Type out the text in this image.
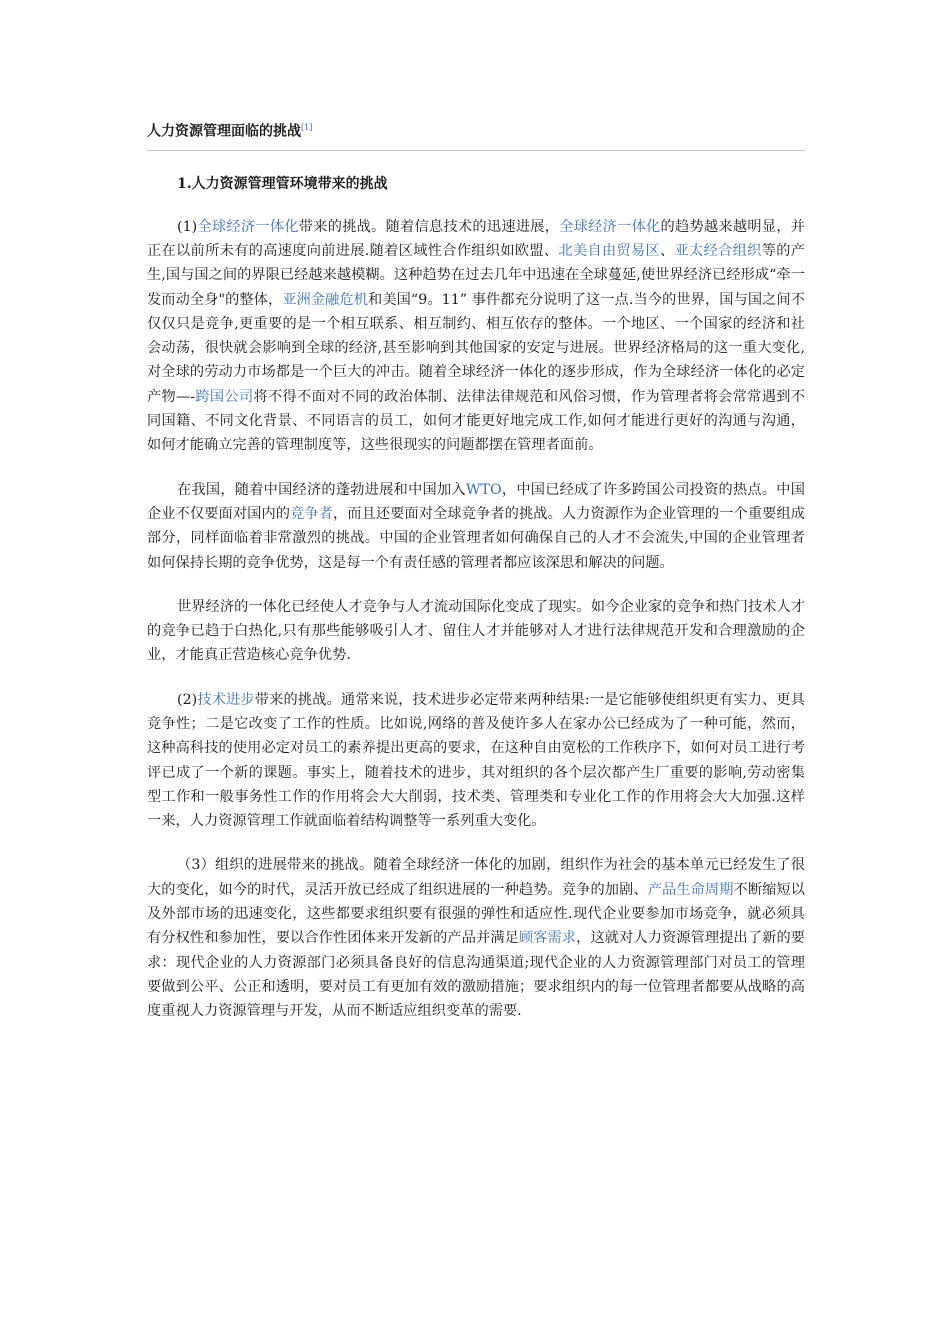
人力资源管理面临的挑战[1]
1.人力资源管理管环境带来的挑战

(1)全球经济一体化带来的挑战。随着信息技术的迅速进展，全球经济一体化的趋势越来越明显，并正在以前所未有的高速度向前进展.随着区域性合作组织如欧盟、北美自由贸易区、亚太经合组织等的产生,国与国之间的界限已经越来越模糊。这种趋势在过去几年中迅速在全球蔓延,使世界经济已经形成“牵一发而动全身"的整体，亚洲金融危机和美国“9。11” 事件都充分说明了这一点.当今的世界，国与国之间不仅仅只是竞争,更重要的是一个相互联系、相互制约、相互依存的整体。一个地区、一个国家的经济和社会动荡，很快就会影响到全球的经济,甚至影响到其他国家的安定与进展。世界经济格局的这一重大变化,对全球的劳动力市场都是一个巨大的冲击。随着全球经济一体化的逐步形成，作为全球经济一体化的必定产物—-跨国公司将不得不面对不同的政治体制、法律法律规范和风俗习惯，作为管理者将会常常遇到不同国籍、不同文化背景、不同语言的员工，如何才能更好地完成工作,如何才能进行更好的沟通与沟通，如何才能确立完善的管理制度等，这些很现实的问题都摆在管理者面前。

在我国，随着中国经济的蓬勃进展和中国加入WTO，中国已经成了许多跨国公司投资的热点。中国企业不仅要面对国内的竞争者，而且还要面对全球竞争者的挑战。人力资源作为企业管理的一个重要组成部分，同样面临着非常激烈的挑战。中国的企业管理者如何确保自己的人才不会流失,中国的企业管理者如何保持长期的竞争优势，这是每一个有责任感的管理者都应该深思和解决的问题。

世界经济的一体化已经使人才竞争与人才流动国际化变成了现实。如今企业家的竞争和热门技术人才的竞争已趋于白热化,只有那些能够吸引人才、留住人才并能够对人才进行法律规范开发和合理激励的企业，才能真正营造核心竞争优势.

(2)技术进步带来的挑战。通常来说，技术进步必定带来两种结果:一是它能够使组织更有实力、更具竞争性；二是它改变了工作的性质。比如说,网络的普及使许多人在家办公已经成为了一种可能，然而，这种高科技的使用必定对员工的素养提出更高的要求，在这种自由宽松的工作秩序下，如何对员工进行考评已成了一个新的课题。事实上，随着技术的进步，其对组织的各个层次都产生厂重要的影响,劳动密集型工作和一般事务性工作的作用将会大大削弱，技术类、管理类和专业化工作的作用将会大大加强.这样一来，人力资源管理工作就面临着结构调整等一系列重大变化。

（3）组织的进展带来的挑战。随着全球经济一体化的加剧，组织作为社会的基本单元已经发生了很大的变化，如今的时代，灵活开放已经成了组织进展的一种趋势。竞争的加剧、产品生命周期不断缩短以及外部市场的迅速变化，这些都要求组织要有很强的弹性和适应性.现代企业要参加市场竞争，就必须具有分权性和参加性，要以合作性团体来开发新的产品并满足顾客需求，这就对人力资源管理提出了新的要求：现代企业的人力资源部门必须具备良好的信息沟通渠道;现代企业的人力资源管理部门对员工的管理要做到公平、公正和透明，要对员工有更加有效的激励措施；要求组织内的每一位管理者都要从战略的高度重视人力资源管理与开发，从而不断适应组织变革的需要.
